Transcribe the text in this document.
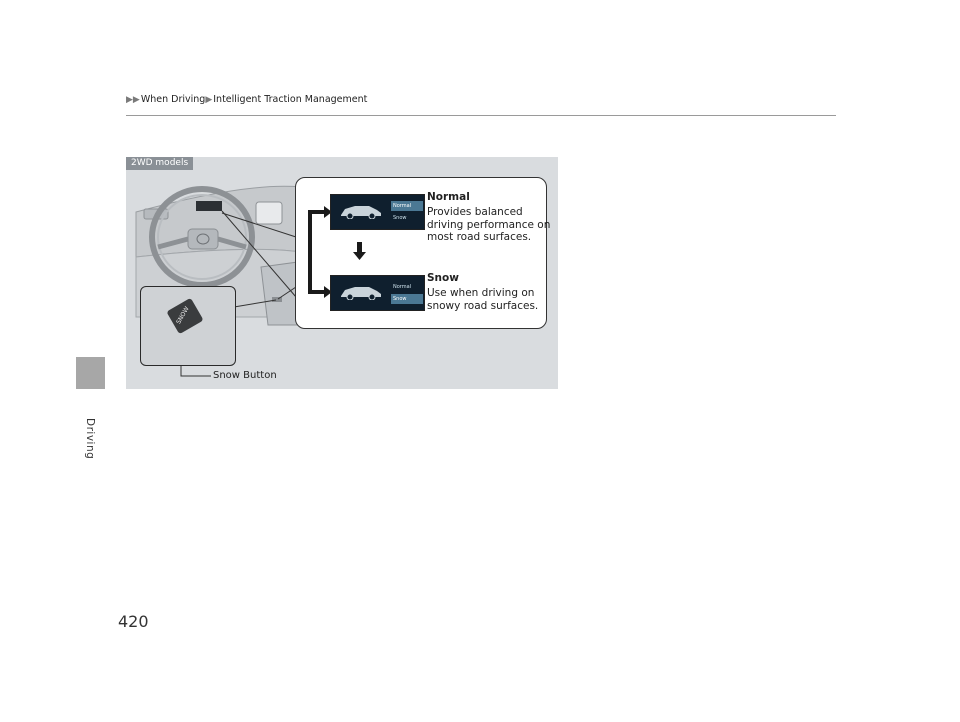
▶▶When Driving▶Intelligent Traction Management
Driving
2WD models
SNOW
Snow Button
Normal
Snow
Normal
Provides balanced driving performance on most road surfaces.
Normal
Snow
Snow
Use when driving on snowy road surfaces.
420
